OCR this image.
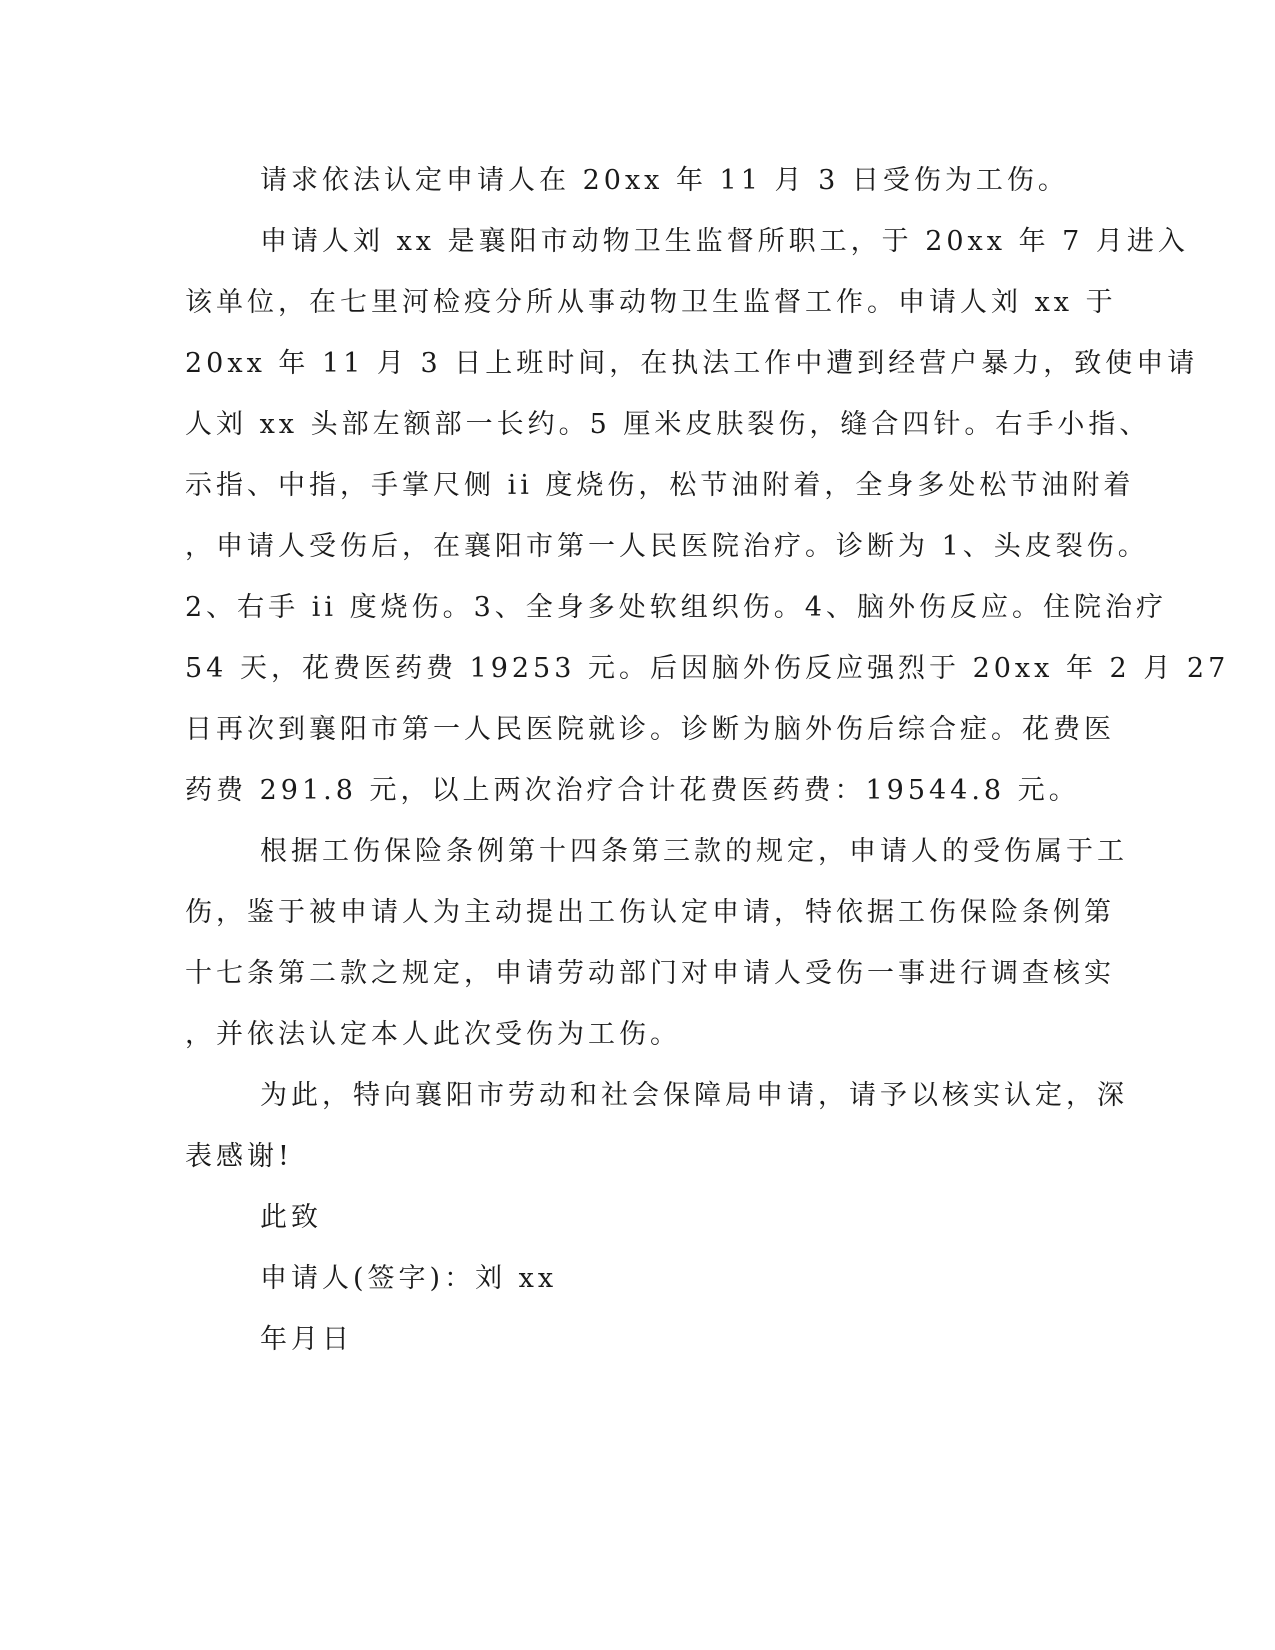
请求依法认定申请人在 20xx 年 11 月 3 日受伤为工伤。

申请人刘 xx 是襄阳市动物卫生监督所职工，于 20xx 年 7 月进入
该单位，在七里河检疫分所从事动物卫生监督工作。申请人刘 xx 于
20xx 年 11 月 3 日上班时间，在执法工作中遭到经营户暴力，致使申请
人刘 xx 头部左额部一长约。5 厘米皮肤裂伤，缝合四针。右手小指、
示指、中指，手掌尺侧 ii 度烧伤，松节油附着，全身多处松节油附着
，申请人受伤后，在襄阳市第一人民医院治疗。诊断为 1、头皮裂伤。
2、右手 ii 度烧伤。3、全身多处软组织伤。4、脑外伤反应。住院治疗
54 天，花费医药费 19253 元。后因脑外伤反应强烈于 20xx 年 2 月 27
日再次到襄阳市第一人民医院就诊。诊断为脑外伤后综合症。花费医
药费 291.8 元，以上两次治疗合计花费医药费：19544.8 元。

根据工伤保险条例第十四条第三款的规定，申请人的受伤属于工
伤，鉴于被申请人为主动提出工伤认定申请，特依据工伤保险条例第
十七条第二款之规定，申请劳动部门对申请人受伤一事进行调查核实
，并依法认定本人此次受伤为工伤。

为此，特向襄阳市劳动和社会保障局申请，请予以核实认定，深
表感谢!

此致

申请人(签字)：刘 xx

年月日
